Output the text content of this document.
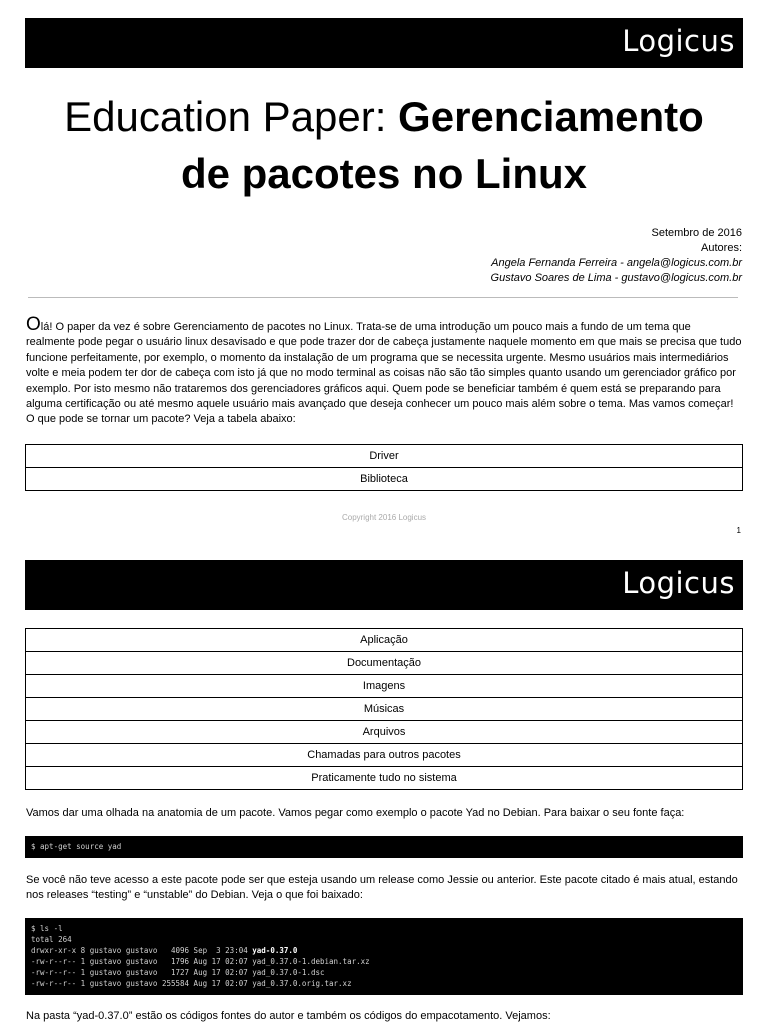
Logicus
Education Paper: Gerenciamento
de pacotes no Linux
Setembro de 2016
Autores:
Angela Fernanda Ferreira - angela@logicus.com.br
Gustavo Soares de Lima - gustavo@logicus.com.br
Olá! O paper da vez é sobre Gerenciamento de pacotes no Linux. Trata-se de uma introdução um pouco mais a fundo de um tema que realmente pode pegar o usuário linux desavisado e que pode trazer dor de cabeça justamente naquele momento em que mais se precisa que tudo funcione perfeitamente, por exemplo, o momento da instalação de um programa que se necessita urgente. Mesmo usuários mais intermediários volte e meia podem ter dor de cabeça com isto já que no modo terminal as coisas não são tão simples quanto usando um gerenciador gráfico por exemplo. Por isto mesmo não trataremos dos gerenciadores gráficos aqui. Quem pode se beneficiar também é quem está se preparando para alguma certificação ou até mesmo aquele usuário mais avançado que deseja conhecer um pouco mais além sobre o tema. Mas vamos começar! O que pode se tornar um pacote? Veja a tabela abaixo:
Driver
Biblioteca
Copyright 2016 Logicus
1
Logicus
Aplicação
Documentação
Imagens
Músicas
Arquivos
Chamadas para outros pacotes
Praticamente tudo no sistema
Vamos dar uma olhada na anatomia de um pacote. Vamos pegar como exemplo o pacote Yad no Debian. Para baixar o seu fonte faça:
$ apt-get source yad
Se você não teve acesso a este pacote pode ser que esteja usando um release como Jessie ou anterior. Este pacote citado é mais atual, estando nos releases “testing” e “unstable” do Debian. Veja o que foi baixado:
$ ls -l
total 264
drwxr-xr-x 8 gustavo gustavo   4096 Sep  3 23:04 yad-0.37.0
-rw-r--r-- 1 gustavo gustavo   1796 Aug 17 02:07 yad_0.37.0-1.debian.tar.xz
-rw-r--r-- 1 gustavo gustavo   1727 Aug 17 02:07 yad_0.37.0-1.dsc
-rw-r--r-- 1 gustavo gustavo 255584 Aug 17 02:07 yad_0.37.0.orig.tar.xz
Na pasta “yad-0.37.0” estão os códigos fontes do autor e também os códigos do empacotamento. Vejamos:
